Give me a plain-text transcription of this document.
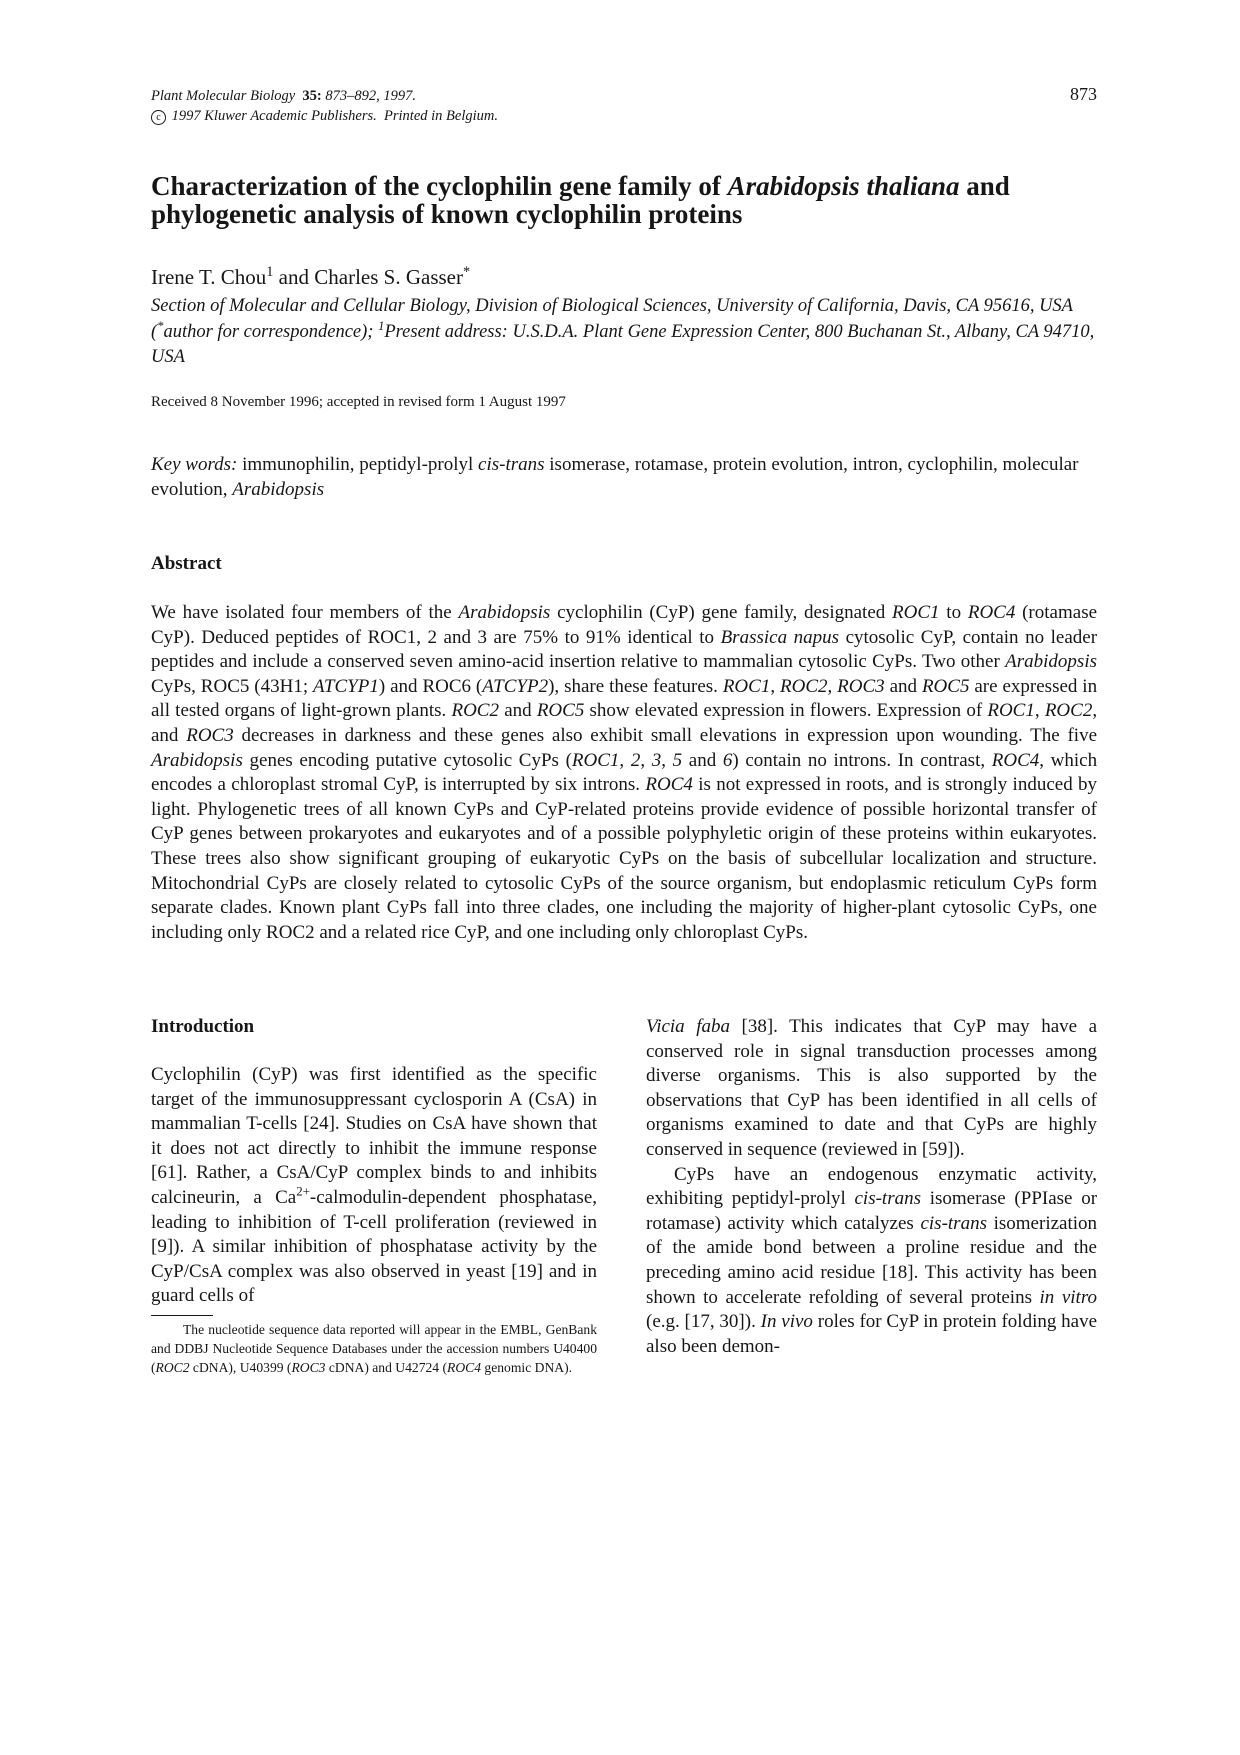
Plant Molecular Biology 35: 873–892, 1997.
c 1997 Kluwer Academic Publishers. Printed in Belgium.
873
Characterization of the cyclophilin gene family of Arabidopsis thaliana and phylogenetic analysis of known cyclophilin proteins
Irene T. Chou$^1$ and Charles S. Gasser*
Section of Molecular and Cellular Biology, Division of Biological Sciences, University of California, Davis, CA 95616, USA (*author for correspondence); $^1$Present address: U.S.D.A. Plant Gene Expression Center, 800 Buchanan St., Albany, CA 94710, USA
Received 8 November 1996; accepted in revised form 1 August 1997
Key words: immunophilin, peptidyl-prolyl cis-trans isomerase, rotamase, protein evolution, intron, cyclophilin, molecular evolution, Arabidopsis
Abstract
We have isolated four members of the Arabidopsis cyclophilin (CyP) gene family, designated ROC1 to ROC4 (rotamase CyP). Deduced peptides of ROC1, 2 and 3 are 75% to 91% identical to Brassica napus cytosolic CyP, contain no leader peptides and include a conserved seven amino-acid insertion relative to mammalian cytosolic CyPs. Two other Arabidopsis CyPs, ROC5 (43H1; ATCYP1) and ROC6 (ATCYP2), share these features. ROC1, ROC2, ROC3 and ROC5 are expressed in all tested organs of light-grown plants. ROC2 and ROC5 show elevated expression in flowers. Expression of ROC1, ROC2, and ROC3 decreases in darkness and these genes also exhibit small elevations in expression upon wounding. The five Arabidopsis genes encoding putative cytosolic CyPs (ROC1, 2, 3, 5 and 6) contain no introns. In contrast, ROC4, which encodes a chloroplast stromal CyP, is interrupted by six introns. ROC4 is not expressed in roots, and is strongly induced by light. Phylogenetic trees of all known CyPs and CyP-related proteins provide evidence of possible horizontal transfer of CyP genes between prokaryotes and eukaryotes and of a possible polyphyletic origin of these proteins within eukaryotes. These trees also show significant grouping of eukaryotic CyPs on the basis of subcellular localization and structure. Mitochondrial CyPs are closely related to cytosolic CyPs of the source organism, but endoplasmic reticulum CyPs form separate clades. Known plant CyPs fall into three clades, one including the majority of higher-plant cytosolic CyPs, one including only ROC2 and a related rice CyP, and one including only chloroplast CyPs.
Introduction

Cyclophilin (CyP) was first identified as the specific target of the immunosuppressant cyclosporin A (CsA) in mammalian T-cells [24]. Studies on CsA have shown that it does not act directly to inhibit the immune response [61]. Rather, a CsA/CyP complex binds to and inhibits calcineurin, a $Ca^{2+}-calmodulin$-dependent phosphatase, leading to inhibition of T-cell proliferation (reviewed in [9]). A similar inhibition of phosphatase activity by the CyP/CsA complex was also observed in yeast [19] and in guard cells of

Vicia faba [38]. This indicates that CyP may have a conserved role in signal transduction processes among diverse organisms. This is also supported by the observations that CyP has been identified in all cells of organisms examined to date and that CyPs are highly conserved in sequence (reviewed in [59]).

CyPs have an endogenous enzymatic activity, exhibiting peptidyl-prolyl cis-trans isomerase (PPIase or rotamase) activity which catalyzes cis-trans isomerization of the amide bond between a proline residue and the preceding amino acid residue [18]. This activity has been shown to accelerate refolding of several proteins in vitro (e.g. [17, 30]). In vivo roles for CyP in protein folding have also been demon-

The nucleotide sequence data reported will appear in the EMBL, GenBank and DDBJ Nucleotide Sequence Databases under the accession numbers U40400 (ROC2 cDNA), U40399 (ROC3 cDNA) and U42724 (ROC4 genomic DNA).
